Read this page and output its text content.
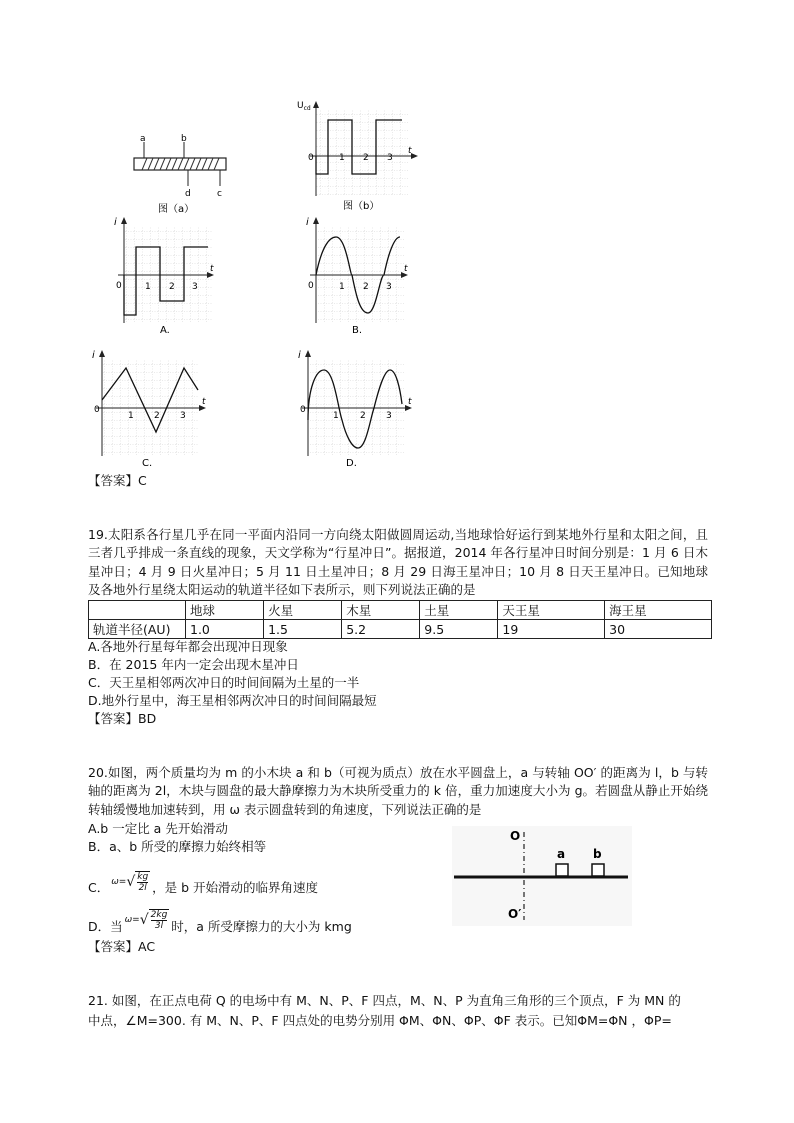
a	b
d	c
图（a）
$U_{cd}$
t
0	1 2 3
图（b）
i
t
0	1 2 3
A.
i
t
0	1 2 3
B.
i
t
0
1 2 3
C.
i
t
0
1 2 3
D.
【答案】C
19.太阳系各行星几乎在同一平面内沿同一方向绕太阳做圆周运动,当地球恰好运行到某地外行星和太阳之间，且三者几乎排成一条直线的现象，天文学称为“行星冲日”。据报道，2014 年各行星冲日时间分别是：1 月 6 日木星冲日；4 月 9 日火星冲日；5 月 11 日土星冲日；8 月 29 日海王星冲日；10 月 8 日天王星冲日。已知地球及各地外行星绕太阳运动的轨道半径如下表所示，则下列说法正确的是
	地球	火星	木星	土星	天王星	海王星
轨道半径(AU)	1.0	1.5	5.2	9.5	19	30
A.各地外行星每年都会出现冲日现象
B．在 2015 年内一定会出现木星冲日
C．天王星相邻两次冲日的时间间隔为土星的一半
D.地外行星中，海王星相邻两次冲日的时间间隔最短
【答案】BD
20.如图，两个质量均为 m 的小木块 a 和 b（可视为质点）放在水平圆盘上，a 与转轴 OO′ 的距离为 l，b 与转轴的距离为 2l，木块与圆盘的最大静摩擦力为木块所受重力的 k 倍，重力加速度大小为 g。若圆盘从静止开始绕转轴缓慢地加速转到，用 ω 表示圆盘转到的角速度，下列说法正确的是
A.b 一定比 a 先开始滑动
B．a、b 所受的摩擦力始终相等
C． ω= √ $\frac{kg}{2l}$ ，是 b 开始滑动的临界角速度
D．当 ω= √ $\frac{2kg}{3l}$ 时，a 所受摩擦力的大小为 kmg
【答案】AC
O
O′
a b
21. 如图，在正点电荷 Q 的电场中有 M、N、P、F 四点，M、N、P 为直角三角形的三个顶点，F 为 MN 的
中点，∠M=300. 有 M、N、P、F 四点处的电势分别用 ΦM、ΦN、ΦP、ΦF 表示。已知ΦM=ΦN ，ΦP=
